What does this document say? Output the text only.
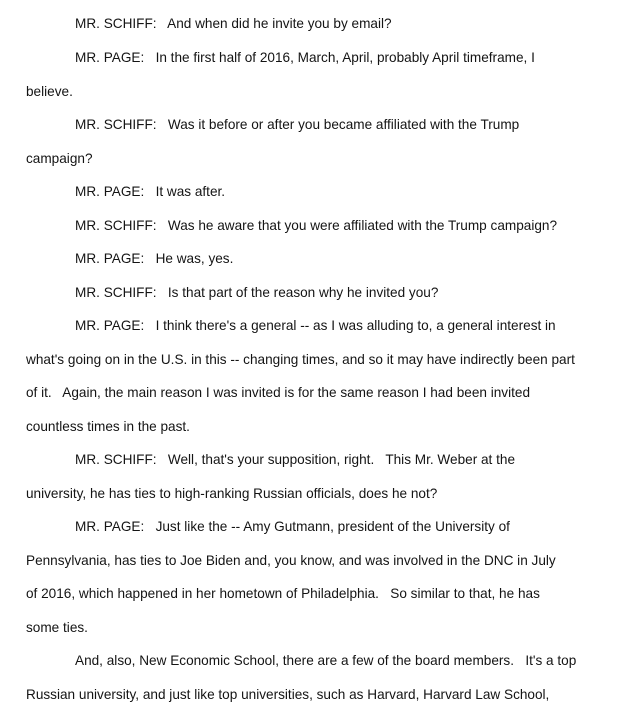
MR. SCHIFF:   And when did he invite you by email?
MR. PAGE:   In the first half of 2016, March, April, probably April timeframe, I
believe.
MR. SCHIFF:   Was it before or after you became affiliated with the Trump
campaign?
MR. PAGE:   It was after.
MR. SCHIFF:   Was he aware that you were affiliated with the Trump campaign?
MR. PAGE:   He was, yes.
MR. SCHIFF:   Is that part of the reason why he invited you?
MR. PAGE:   I think there's a general -- as I was alluding to, a general interest in
what's going on in the U.S. in this -- changing times, and so it may have indirectly been part
of it.   Again, the main reason I was invited is for the same reason I had been invited
countless times in the past.
MR. SCHIFF:   Well, that's your supposition, right.   This Mr. Weber at the
university, he has ties to high-ranking Russian officials, does he not?
MR. PAGE:   Just like the -- Amy Gutmann, president of the University of
Pennsylvania, has ties to Joe Biden and, you know, and was involved in the DNC in July
of 2016, which happened in her hometown of Philadelphia.   So similar to that, he has
some ties.
And, also, New Economic School, there are a few of the board members.   It's a top
Russian university, and just like top universities, such as Harvard, Harvard Law School,
